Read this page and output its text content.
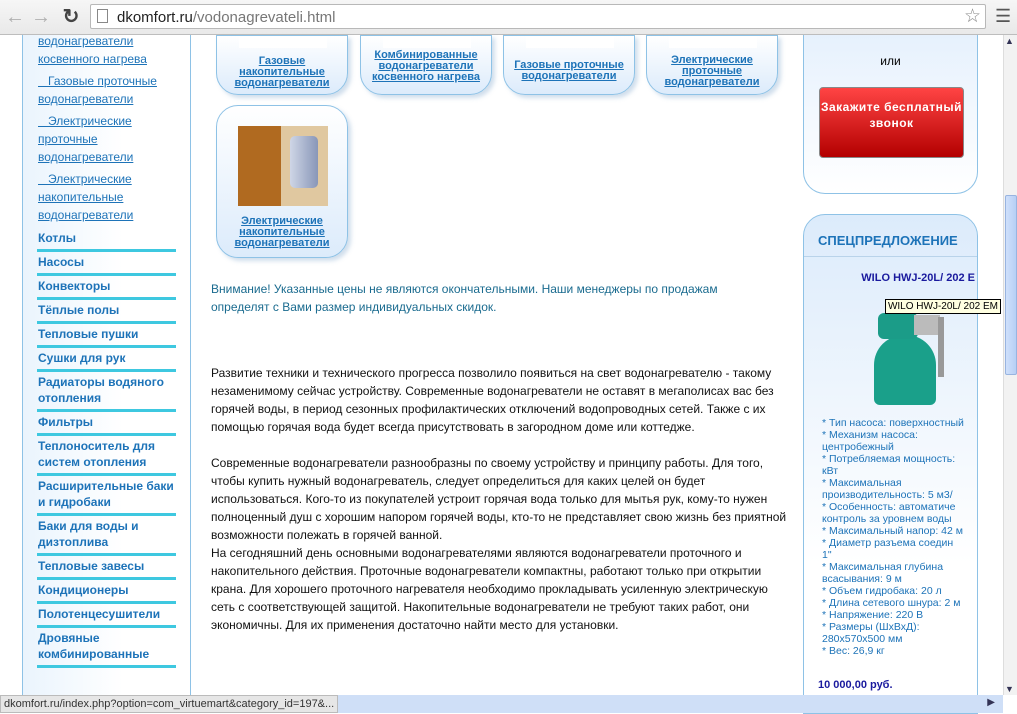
← → ↻	dkomfort.ru/vodonagrevateli.html	☆ ☰
водонагреватели
косвенного нагрева
Газовые проточные
водонагреватели
Электрические
проточные
водонагреватели
Электрические
накопительные
водонагреватели
Котлы
Насосы
Конвекторы
Тёплые полы
Тепловые пушки
Сушки для рук
Радиаторы водяного отопления
Фильтры
Теплоноситель для систем отопления
Расширительные баки и гидробаки
Баки для воды и дизтоплива
Тепловые завесы
Кондиционеры
Полотенцесушители
Дровяные комбинированные
Газовые накопительные водонагреватели
Комбинированные водонагреватели косвенного нагрева
Газовые проточные водонагреватели
Электрические проточные водонагреватели
Электрические накопительные водонагреватели
Внимание! Указанные цены не являются окончательными. Наши менеджеры по продажам определят с Вами размер индивидуальных скидок.
Развитие техники и технического прогресса позволило появиться на свет водонагревателю - такому незаменимому сейчас устройству. Современные водонагреватели не оставят в мегаполисах вас без горячей воды, в период сезонных профилактических отключений водопроводных сетей. Также с их помощью горячая вода будет всегда присутствовать в загородном доме или коттедже.
Современные водонагреватели разнообразны по своему устройству и принципу работы. Для того, чтобы купить нужный водонагреватель, следует определиться для каких целей он будет использоваться. Кого-то из покупателей устроит горячая вода только для мытья рук, кому-то нужен полноценный душ с хорошим напором горячей воды, кто-то не представляет свою жизнь без приятной возможности полежать в горячей ванной.
На сегодняшний день основными водонагревателями являются водонагреватели проточного и накопительного действия. Проточные водонагреватели компактны, работают только при открытии крана. Для хорошего проточного нагревателя необходимо прокладывать усиленную электрическую сеть с соответствующей защитой. Накопительные водонагреватели не требуют таких работ, они экономичны. Для их применения достаточно найти место для установки.
или
Закажите бесплатный звонок
СПЕЦПРЕДЛОЖЕНИЕ
WILO HWJ-20L/ 202 E
* Тип насоса: поверхностный
* Механизм насоса:
центробежный
* Потребляемая мощность:
кВт
* Максимальная
производительность: 5 м3/
* Особенность: автоматиче
контроль за уровнем воды
* Максимальный напор: 42 м
* Диаметр разъема соедин
1"
* Максимальная глубина
всасывания: 9 м
* Объем гидробака: 20 л
* Длина сетевого шнура: 2 м
* Напряжение: 220 В
* Размеры (ШхВхД):
280x570x500 мм
* Вес: 26,9 кг
10 000,00 руб.
WILO HWJ-20L/ 202 EM
▲
▼
▶
dkomfort.ru/index.php?option=com_virtuemart&category_id=197&...
